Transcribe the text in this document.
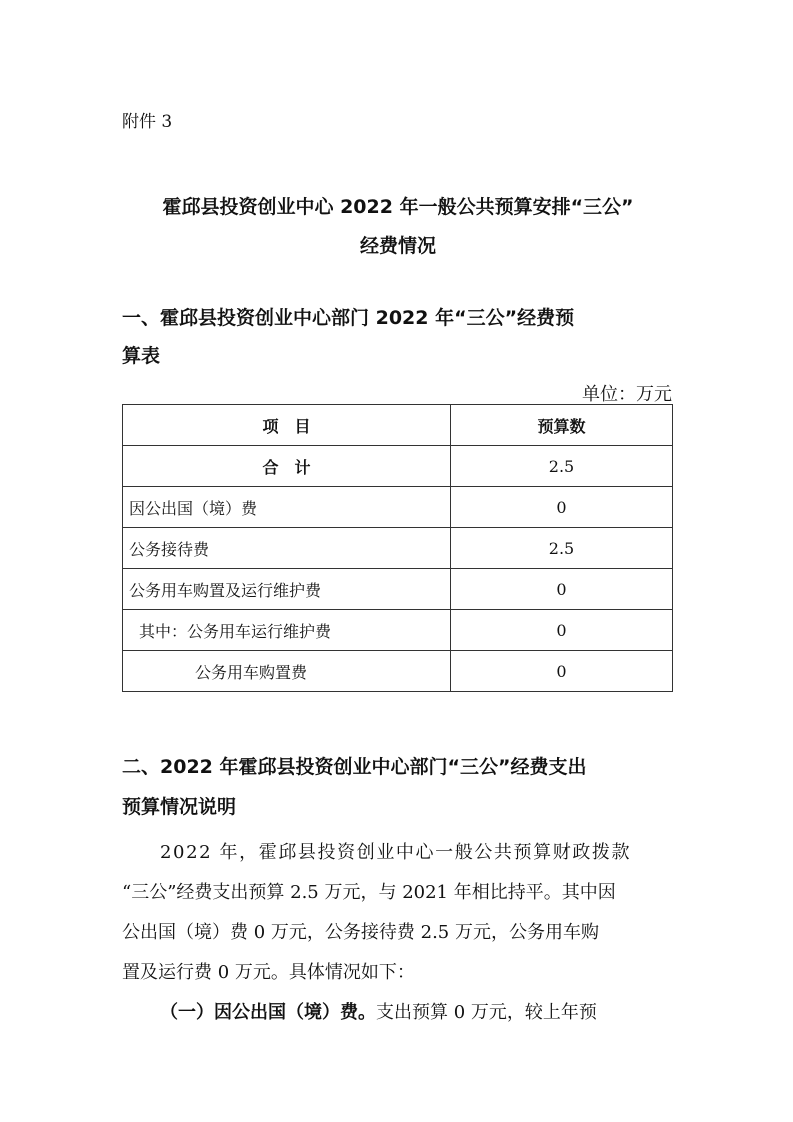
附件 3
霍邱县投资创业中心 2022 年一般公共预算安排“三公”
经费情况
一、霍邱县投资创业中心部门 2022 年“三公”经费预
算表
单位：万元
项　目	预算数
合　计	2.5
因公出国（境）费	0
公务接待费	2.5
公务用车购置及运行维护费	0
其中：公务用车运行维护费	0
公务用车购置费	0
二、2022 年霍邱县投资创业中心部门“三公”经费支出
预算情况说明
2022 年，霍邱县投资创业中心一般公共预算财政拨款
“三公”经费支出预算 2.5 万元，与 2021 年相比持平。其中因
公出国（境）费 0 万元，公务接待费 2.5 万元，公务用车购
置及运行费 0 万元。具体情况如下：
（一）因公出国（境）费。支出预算 0 万元，较上年预
